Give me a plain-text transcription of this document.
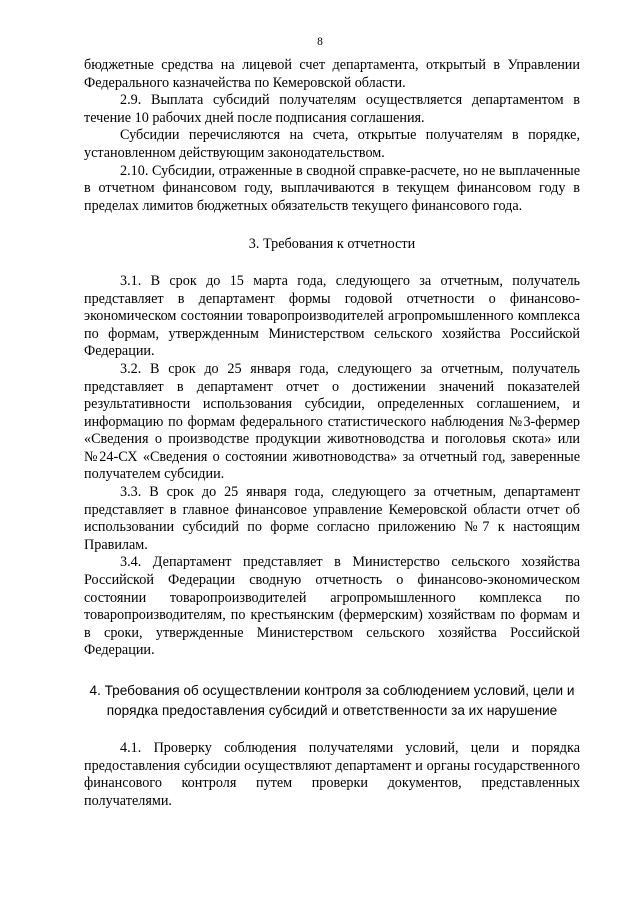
8

бюджетные средства на лицевой счет департамента, открытый в Управлении Федерального казначейства по Кемеровской области.

2.9. Выплата субсидий получателям осуществляется департаментом в течение 10 рабочих дней после подписания соглашения.

Субсидии перечисляются на счета, открытые получателям в порядке, установленном действующим законодательством.

2.10. Субсидии, отраженные в сводной справке-расчете, но не выплаченные в отчетном финансовом году, выплачиваются в текущем финансовом году в пределах лимитов бюджетных обязательств текущего финансового года.

3. Требования к отчетности

3.1. В срок до 15 марта года, следующего за отчетным, получатель представляет в департамент формы годовой отчетности о финансово-экономическом состоянии товаропроизводителей агропромышленного комплекса по формам, утвержденным Министерством сельского хозяйства Российской Федерации.

3.2. В срок до 25 января года, следующего за отчетным, получатель представляет в департамент отчет о достижении значений показателей результативности использования субсидии, определенных соглашением, и информацию по формам федерального статистического наблюдения №3-фермер «Сведения о производстве продукции животноводства и поголовья скота» или №24-СХ «Сведения о состоянии животноводства» за отчетный год, заверенные получателем субсидии.

3.3. В срок до 25 января года, следующего за отчетным, департамент представляет в главное финансовое управление Кемеровской области отчет об использовании субсидий по форме согласно приложению №7 к настоящим Правилам.

3.4. Департамент представляет в Министерство сельского хозяйства Российской Федерации сводную отчетность о финансово-экономическом состоянии товаропроизводителей агропромышленного комплекса по товаропроизводителям, по крестьянским (фермерским) хозяйствам по формам и в сроки, утвержденные Министерством сельского хозяйства Российской Федерации.

4. Требования об осуществлении контроля за соблюдением условий, цели и
порядка предоставления субсидий и ответственности за их нарушение

4.1. Проверку соблюдения получателями условий, цели и порядка предоставления субсидии осуществляют департамент и органы государственного финансового контроля путем проверки документов, представленных получателями.
